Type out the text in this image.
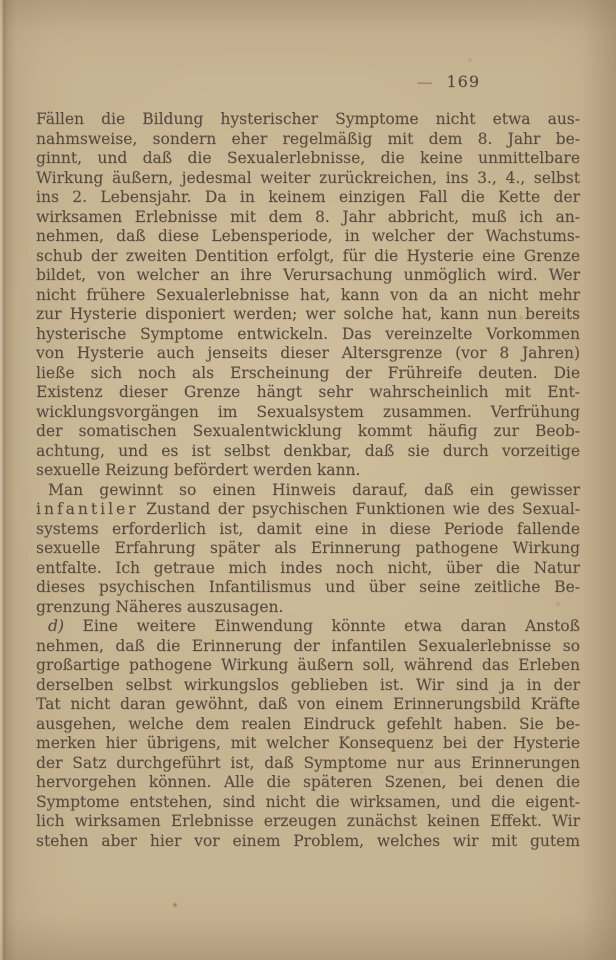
— 169
Fällen die Bildung hysterischer Symptome nicht etwa aus-
nahmsweise, sondern eher regelmäßig mit dem 8. Jahr be-
ginnt, und daß die Sexualerlebnisse, die keine unmittelbare
Wirkung äußern, jedesmal weiter zurückreichen, ins 3., 4., selbst
ins 2. Lebensjahr. Da in keinem einzigen Fall die Kette der
wirksamen Erlebnisse mit dem 8. Jahr abbricht, muß ich an-
nehmen, daß diese Lebensperiode, in welcher der Wachstums-
schub der zweiten Dentition erfolgt, für die Hysterie eine Grenze
bildet, von welcher an ihre Verursachung unmöglich wird. Wer
nicht frühere Sexualerlebnisse hat, kann von da an nicht mehr
zur Hysterie disponiert werden; wer solche hat, kann nun bereits
hysterische Symptome entwickeln. Das vereinzelte Vorkommen
von Hysterie auch jenseits dieser Altersgrenze (vor 8 Jahren)
ließe sich noch als Erscheinung der Frühreife deuten. Die
Existenz dieser Grenze hängt sehr wahrscheinlich mit Ent-
wicklungsvorgängen im Sexualsystem zusammen. Verfrühung
der somatischen Sexualentwicklung kommt häufig zur Beob-
achtung, und es ist selbst denkbar, daß sie durch vorzeitige
sexuelle Reizung befördert werden kann.
Man gewinnt so einen Hinweis darauf, daß ein gewisser
infantiler Zustand der psychischen Funktionen wie des Sexual-
systems erforderlich ist, damit eine in diese Periode fallende
sexuelle Erfahrung später als Erinnerung pathogene Wirkung
entfalte. Ich getraue mich indes noch nicht, über die Natur
dieses psychischen Infantilismus und über seine zeitliche Be-
grenzung Näheres auszusagen.
d) Eine weitere Einwendung könnte etwa daran Anstoß
nehmen, daß die Erinnerung der infantilen Sexualerlebnisse so
großartige pathogene Wirkung äußern soll, während das Erleben
derselben selbst wirkungslos geblieben ist. Wir sind ja in der
Tat nicht daran gewöhnt, daß von einem Erinnerungsbild Kräfte
ausgehen, welche dem realen Eindruck gefehlt haben. Sie be-
merken hier übrigens, mit welcher Konsequenz bei der Hysterie
der Satz durchgeführt ist, daß Symptome nur aus Erinnerungen
hervorgehen können. Alle die späteren Szenen, bei denen die
Symptome entstehen, sind nicht die wirksamen, und die eigent-
lich wirksamen Erlebnisse erzeugen zunächst keinen Effekt. Wir
stehen aber hier vor einem Problem, welches wir mit gutem
